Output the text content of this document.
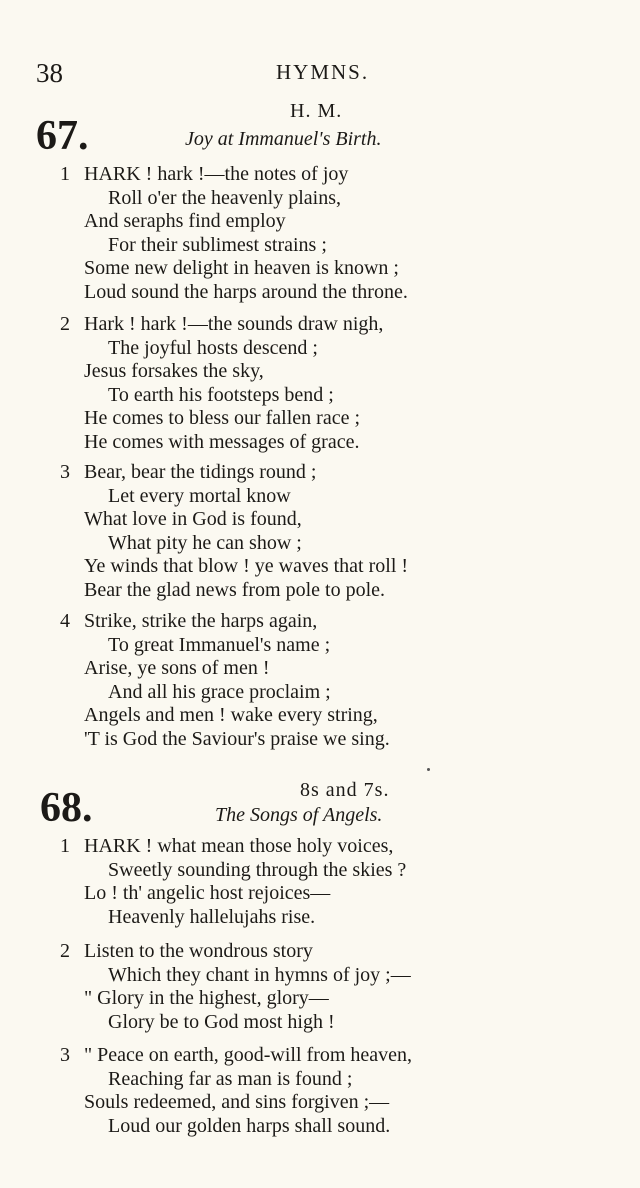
38	HYMNS.
67.
H. M.
Joy at Immanuel's Birth.
68.	8s and 7s.
The Songs of Angels.
1 HARK ! hark !—the notes of joy
Roll o'er the heavenly plains,
And seraphs find employ
For their sublimest strains ;
Some new delight in heaven is known ;
Loud sound the harps around the throne.
2 Hark ! hark !—the sounds draw nigh,
The joyful hosts descend ;
Jesus forsakes the sky,
To earth his footsteps bend ;
He comes to bless our fallen race ;
He comes with messages of grace.
3 Bear, bear the tidings round ;
Let every mortal know
What love in God is found,
What pity he can show ;
Ye winds that blow ! ye waves that roll !
Bear the glad news from pole to pole.
4 Strike, strike the harps again,
To great Immanuel's name ;
Arise, ye sons of men !
And all his grace proclaim ;
Angels and men ! wake every string,
'T is God the Saviour's praise we sing.
1 HARK ! what mean those holy voices,
Sweetly sounding through the skies ?
Lo ! th' angelic host rejoices—
Heavenly hallelujahs rise.
2 Listen to the wondrous story
Which they chant in hymns of joy ;—
" Glory in the highest, glory—
Glory be to God most high !
3 " Peace on earth, good-will from heaven,
Reaching far as man is found ;
Souls redeemed, and sins forgiven ;—
Loud our golden harps shall sound.
